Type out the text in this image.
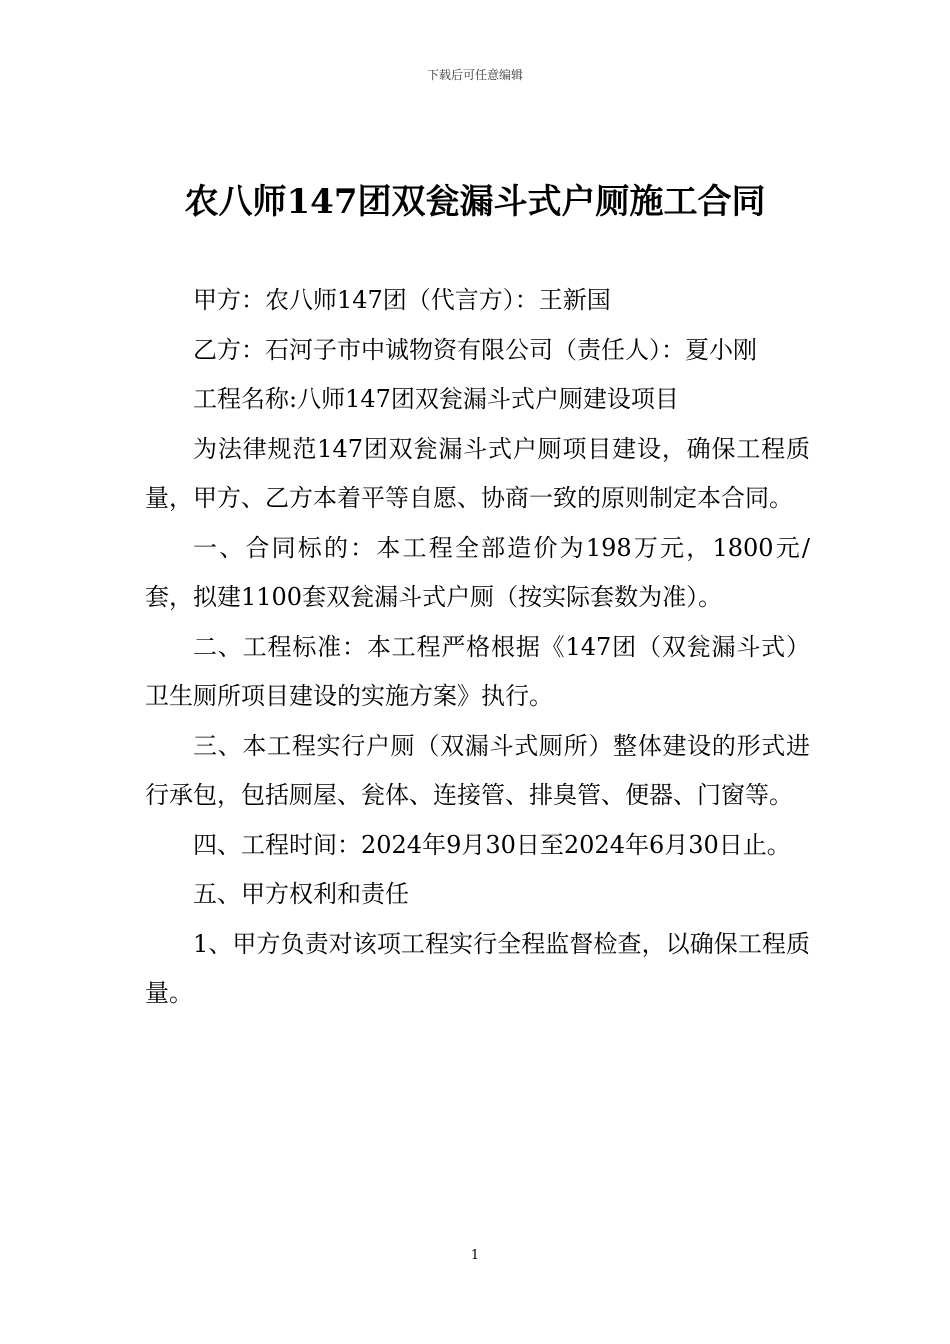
下载后可任意编辑
农八师147团双瓮漏斗式户厕施工合同

甲方：农八师147团（代言方）：王新国

乙方：石河子市中诚物资有限公司（责任人）：夏小刚

工程名称:八师147团双瓮漏斗式户厕建设项目

为法律规范147团双瓮漏斗式户厕项目建设，确保工程质量，甲方、乙方本着平等自愿、协商一致的原则制定本合同。

一、合同标的：本工程全部造价为198万元，1800元/套，拟建1100套双瓮漏斗式户厕（按实际套数为准）。

二、工程标准：本工程严格根据《147团（双瓮漏斗式）卫生厕所项目建设的实施方案》执行。

三、本工程实行户厕（双漏斗式厕所）整体建设的形式进行承包，包括厕屋、瓮体、连接管、排臭管、便器、门窗等。

四、工程时间：2024年9月30日至2024年6月30日止。

五、甲方权利和责任

1、甲方负责对该项工程实行全程监督检查，以确保工程质量。

1
